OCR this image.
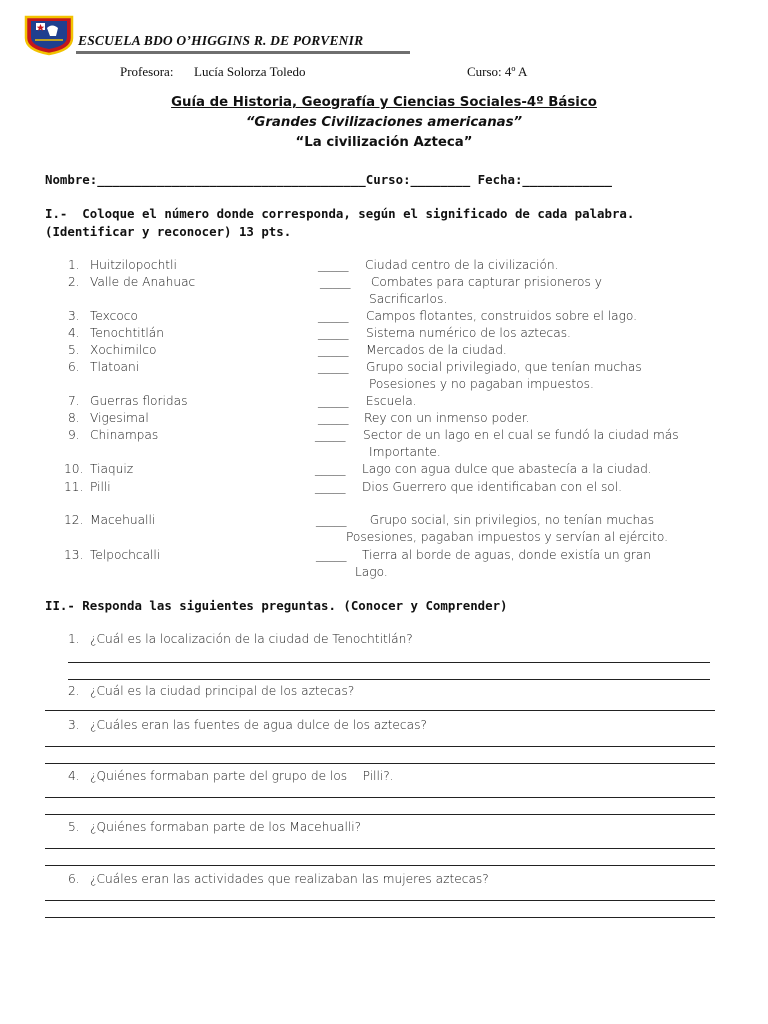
ESCUELA BDO O’HIGGINS R. DE PORVENIR
Profesora: Lucía Solorza Toledo	Curso: 4º A
Guía de Historia, Geografía y Ciencias Sociales-4º Básico
“Grandes Civilizaciones americanas”
“La civilización Azteca”
Nombre:____________________________________Curso:________ Fecha:____________
I.-  Coloque el número donde corresponda, según el significado de cada palabra.
(Identificar y reconocer) 13 pts.
1. Huitzilopochtli
2. Valle de Anahuac
3. Texcoco
4. Tenochtitlán
5. Xochimilco
6. Tlatoani
7. Guerras floridas
8. Vigesimal
9. Chinampas
10. Tiaquiz
11. Pilli
12. Macehualli
13. Telpochcalli
_____ Ciudad centro de la civilización.
_____ Combates para capturar prisioneros y
Sacrificarlos.
_____ Campos flotantes, construidos sobre el lago.
_____ Sistema numérico de los aztecas.
_____ Mercados de la ciudad.
_____ Grupo social privilegiado, que tenían muchas
Posesiones y no pagaban impuestos.
_____ Escuela.
_____ Rey con un inmenso poder.
_____ Sector de un lago en el cual se fundó la ciudad más
Importante.
_____ Lago con agua dulce que abastecía a la ciudad.
_____ Dios Guerrero que identificaban con el sol.
_____ Grupo social, sin privilegios, no tenían muchas
Posesiones, pagaban impuestos y servían al ejército.
_____ Tierra al borde de aguas, donde existía un gran
Lago.
II.- Responda las siguientes preguntas. (Conocer y Comprender)
1. ¿Cuál es la localización de la ciudad de Tenochtitlán?
2. ¿Cuál es la ciudad principal de los aztecas?
3. ¿Cuáles eran las fuentes de agua dulce de los aztecas?
4. ¿Quiénes formaban parte del grupo de los    Pilli?.
5. ¿Quiénes formaban parte de los Macehualli?
6. ¿Cuáles eran las actividades que realizaban las mujeres aztecas?
